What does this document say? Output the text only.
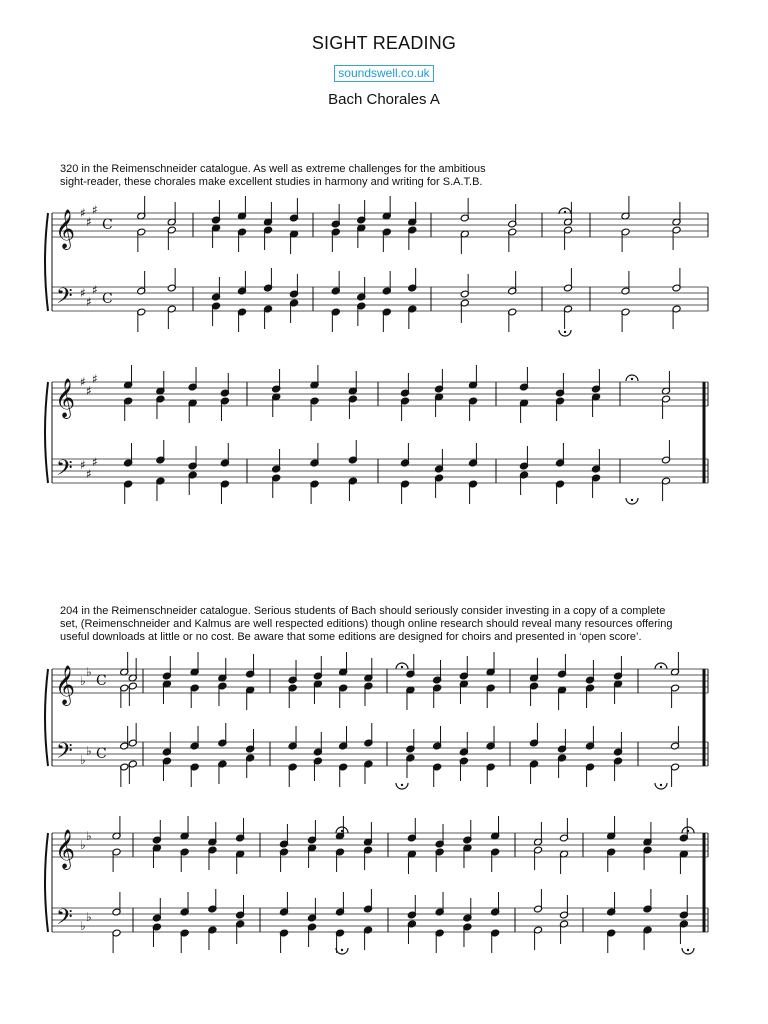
SIGHT READING
soundswell.co.uk
Bach Chorales A
320 in the Reimenschneider catalogue. As well as extreme challenges for the ambitious
sight-reader, these chorales make excellent studies in harmony and writing for S.A.T.B.
204 in the Reimenschneider catalogue. Serious students of Bach should seriously consider investing in a copy of a complete
set, (Reimenschneider and Kalmus are well respected editions) though online research should reveal many resources offering
useful downloads at little or no cost. Be aware that some editions are designed for choirs and presented in ‘open score’.
𝄞
𝄢
♯
♯
♯
♯
♯
♯
C
C
𝄞
𝄢
♯
♯
♯
♯
♯
♯
𝄞
𝄢
♭
♭
♭
♭
C
C
𝄞
𝄢
♭
♭
♭
♭
